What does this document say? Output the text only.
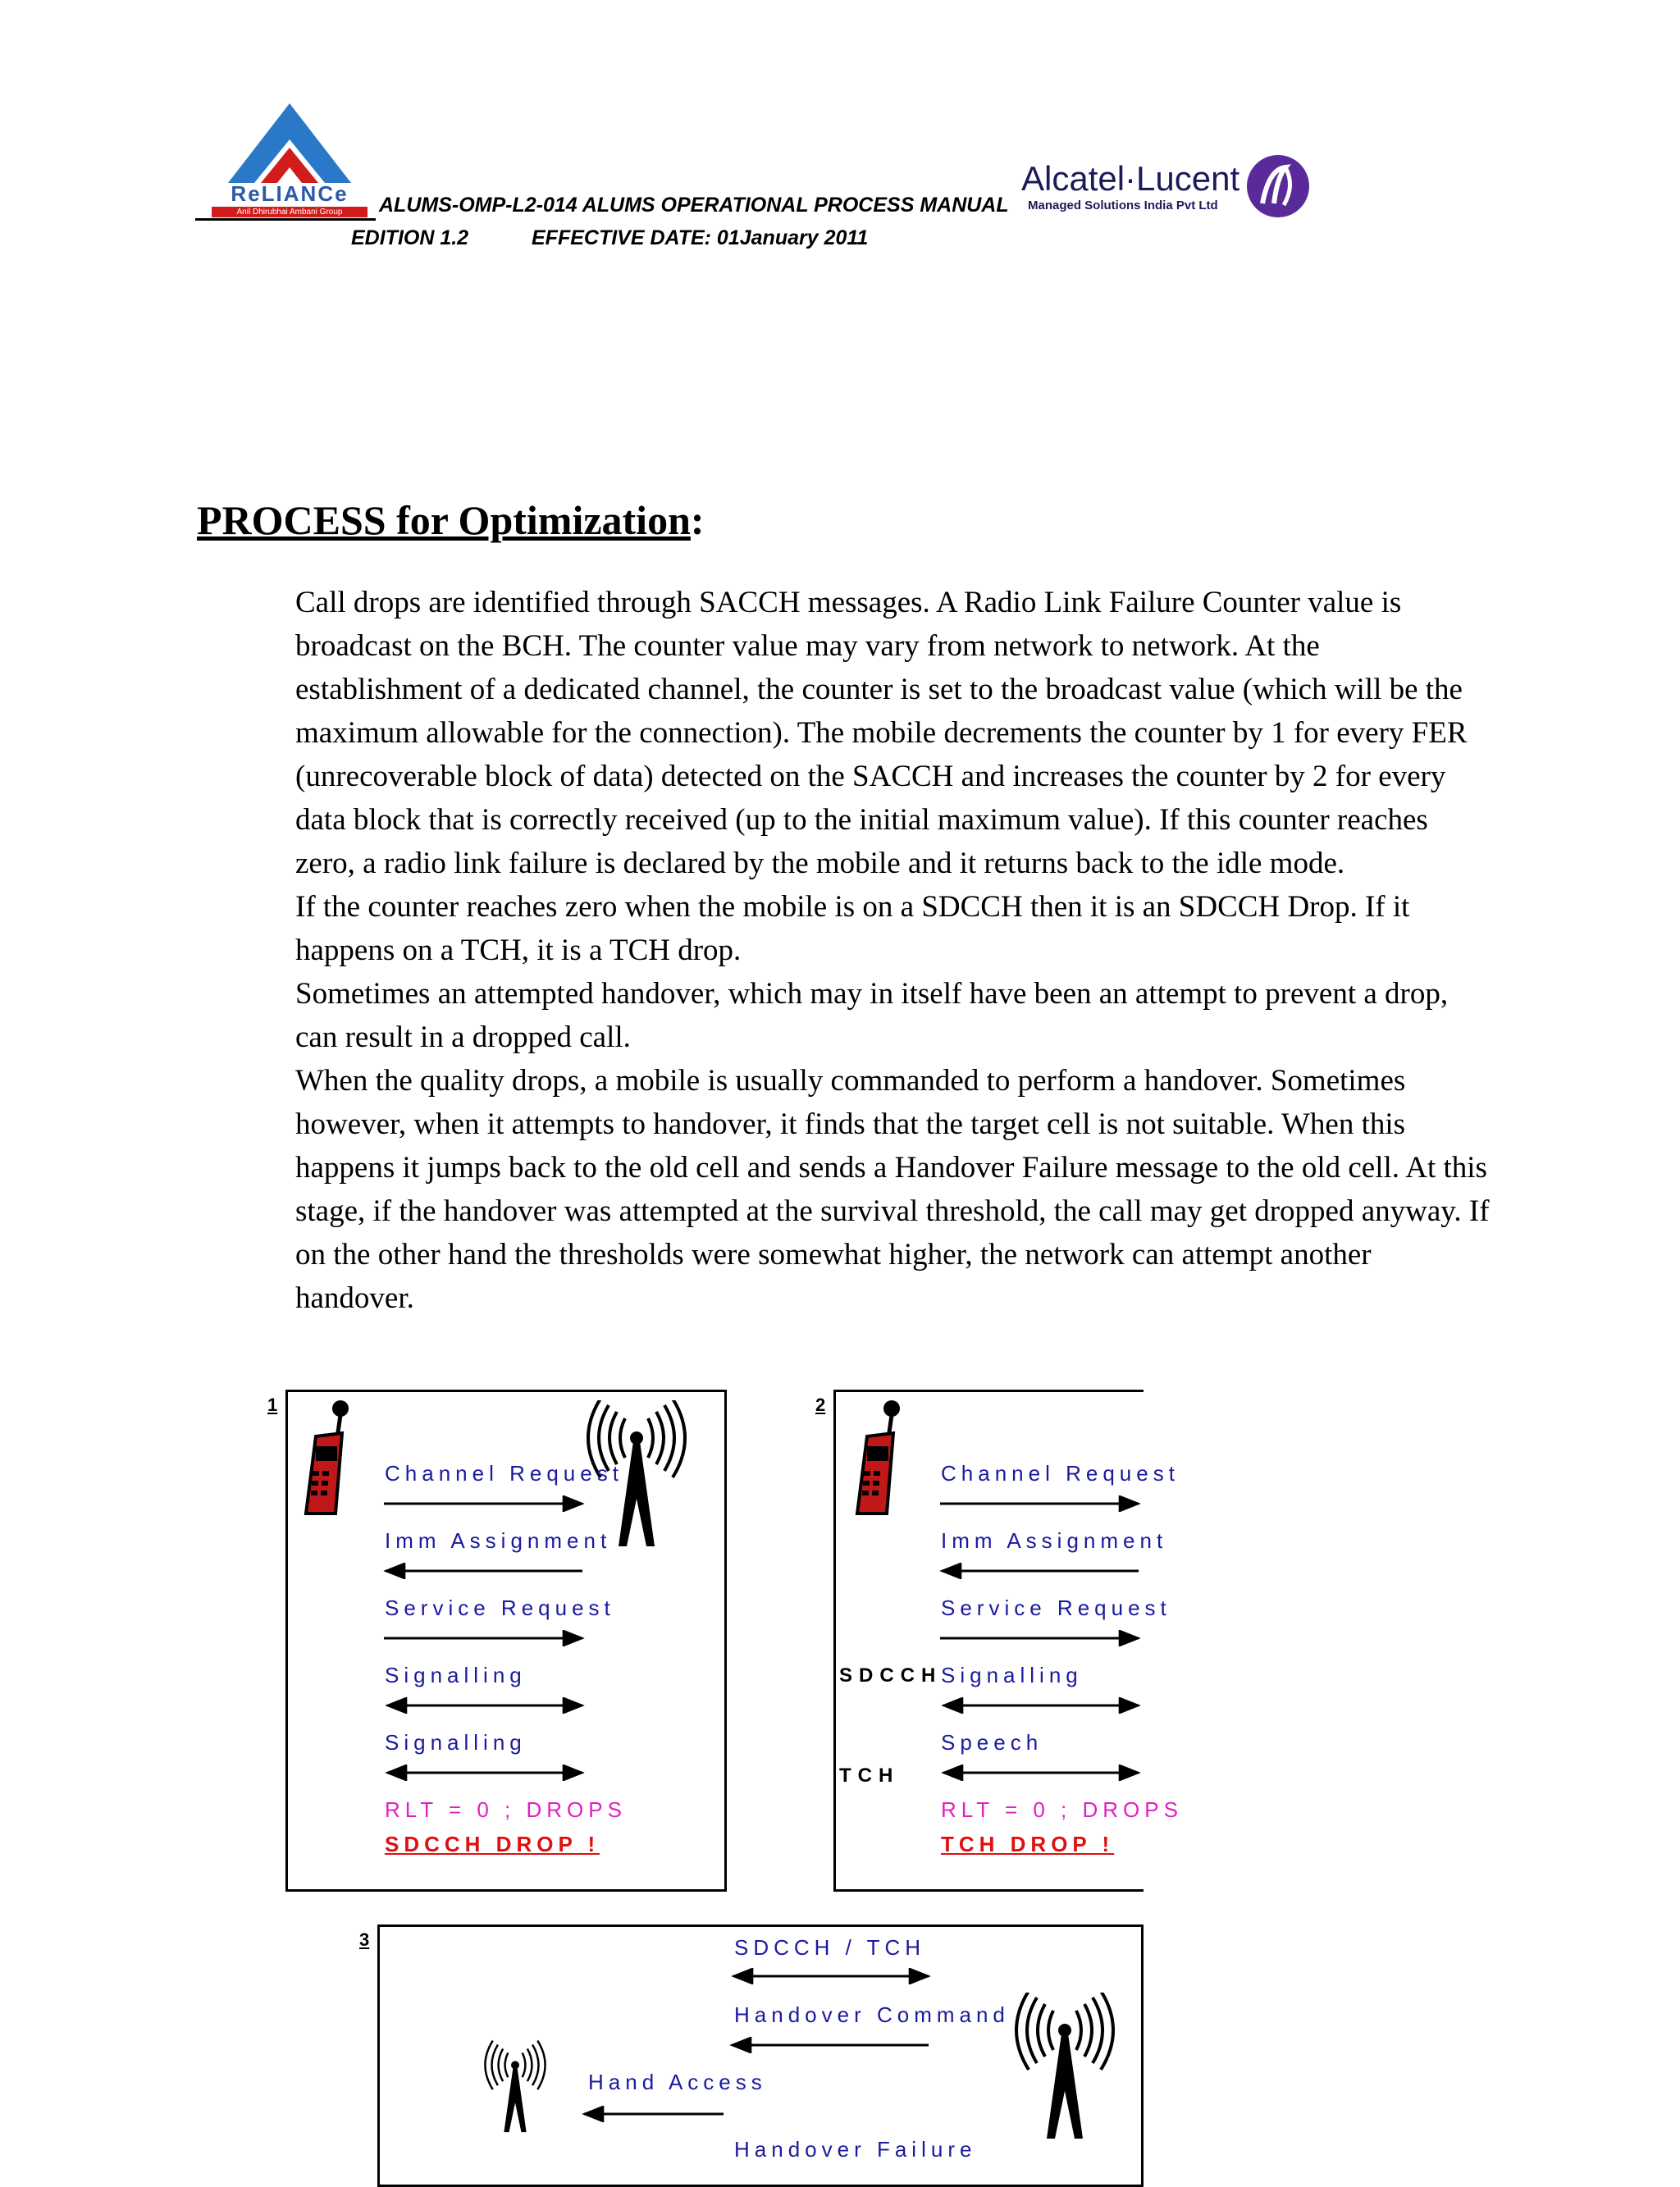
ReLIANCe
Anil Dhirubhai Ambani Group	ALUMS-OMP-L2-014 ALUMS OPERATIONAL PROCESS MANUAL
EDITION 1.2	EFFECTIVE DATE: 01January 2011
Alcatel·Lucent
Managed Solutions India Pvt Ltd
PROCESS for Optimization:

Call drops are identified through SACCH messages. A Radio Link Failure Counter value is broadcast on the BCH. The counter value may vary from network to network. At the establishment of a dedicated channel, the counter is set to the broadcast value (which will be the maximum allowable for the connection). The mobile decrements the counter by 1 for every FER (unrecoverable block of data) detected on the SACCH and increases the counter by 2 for every data block that is correctly received (up to the initial maximum value). If this counter reaches zero, a radio link failure is declared by the mobile and it returns back to the idle mode.

If the counter reaches zero when the mobile is on a SDCCH then it is an SDCCH Drop. If it happens on a TCH, it is a TCH drop.

Sometimes an attempted handover, which may in itself have been an attempt to prevent a drop, can result in a dropped call.

When the quality drops, a mobile is usually commanded to perform a handover. Sometimes however, when it attempts to handover, it finds that the target cell is not suitable. When this happens it jumps back to the old cell and sends a Handover Failure message to the old cell. At this stage, if the handover was attempted at the survival threshold, the call may get dropped anyway. If on the other hand the thresholds were somewhat higher, the network can attempt another handover.

1
Channel Request
Imm Assignment
Service Request
Signalling
Signalling
RLT = 0 ; DROPS
SDCCH DROP !
2
Channel Request
Imm Assignment
Service Request
SDCCH
Signalling
Speech
TCH
RLT = 0 ; DROPS
TCH DROP !
3	SDCCH / TCH
Handover Command
Hand Access
Handover Failure
